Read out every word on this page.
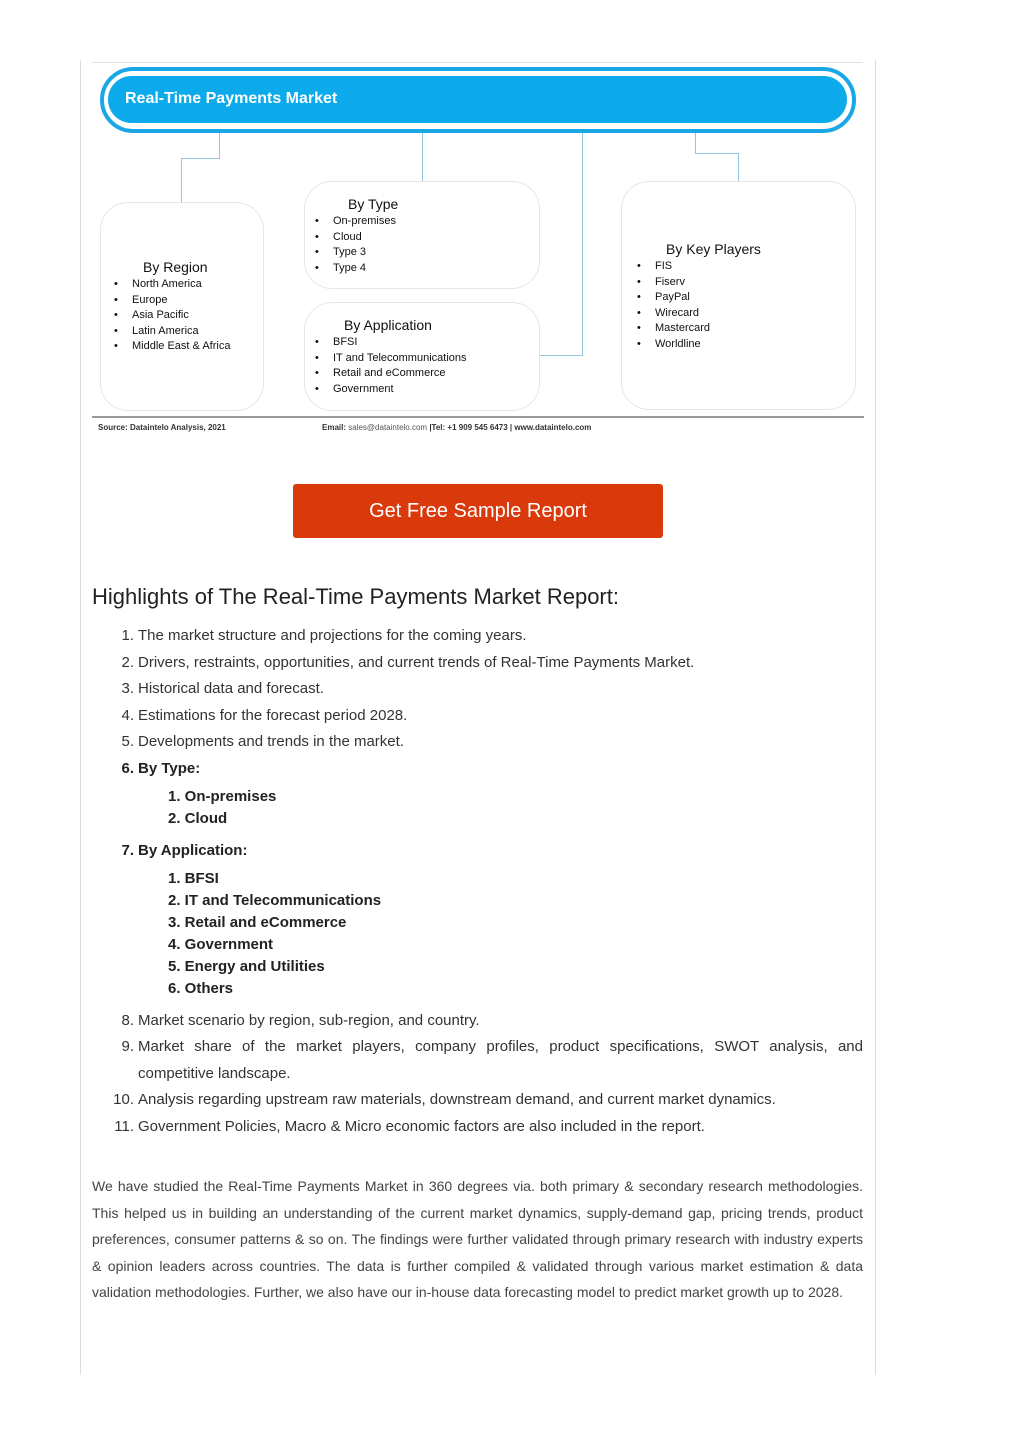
Real-Time Payments Market
By Type
• On-premises
• Cloud
• Type 3
• Type 4
By Region
• North America
• Europe
• Asia Pacific
• Latin America
• Middle East & Africa
By Application
• BFSI
• IT and Telecommunications
• Retail and eCommerce
• Government
By Key Players
• FIS
• Fiserv
• PayPal
• Wirecard
• Mastercard
• Worldline
Source: Dataintelo Analysis, 2021	Email: sales@dataintelo.com |Tel: +1 909 545 6473 | www.dataintelo.com
Get Free Sample Report
Highlights of The Real-Time Payments Market Report:
1. The market structure and projections for the coming years.
2. Drivers, restraints, opportunities, and current trends of Real-Time Payments Market.
3. Historical data and forecast.
4. Estimations for the forecast period 2028.
5. Developments and trends in the market.
6. By Type:
1. On-premises
2. Cloud
7. By Application:
1. BFSI
2. IT and Telecommunications
3. Retail and eCommerce
4. Government
5. Energy and Utilities
6. Others
8. Market scenario by region, sub-region, and country.
9. Market share of the market players, company profiles, product specifications, SWOT analysis, and
competitive landscape.
10. Analysis regarding upstream raw materials, downstream demand, and current market dynamics.
11. Government Policies, Macro & Micro economic factors are also included in the report.
We have studied the Real-Time Payments Market in 360 degrees via. both primary & secondary research methodologies. This helped us in building an understanding of the current market dynamics, supply-demand gap, pricing trends, product preferences, consumer patterns & so on. The findings were further validated through primary research with industry experts & opinion leaders across countries. The data is further compiled & validated through various market estimation & data validation methodologies. Further, we also have our in-house data forecasting model to predict market growth up to 2028.
